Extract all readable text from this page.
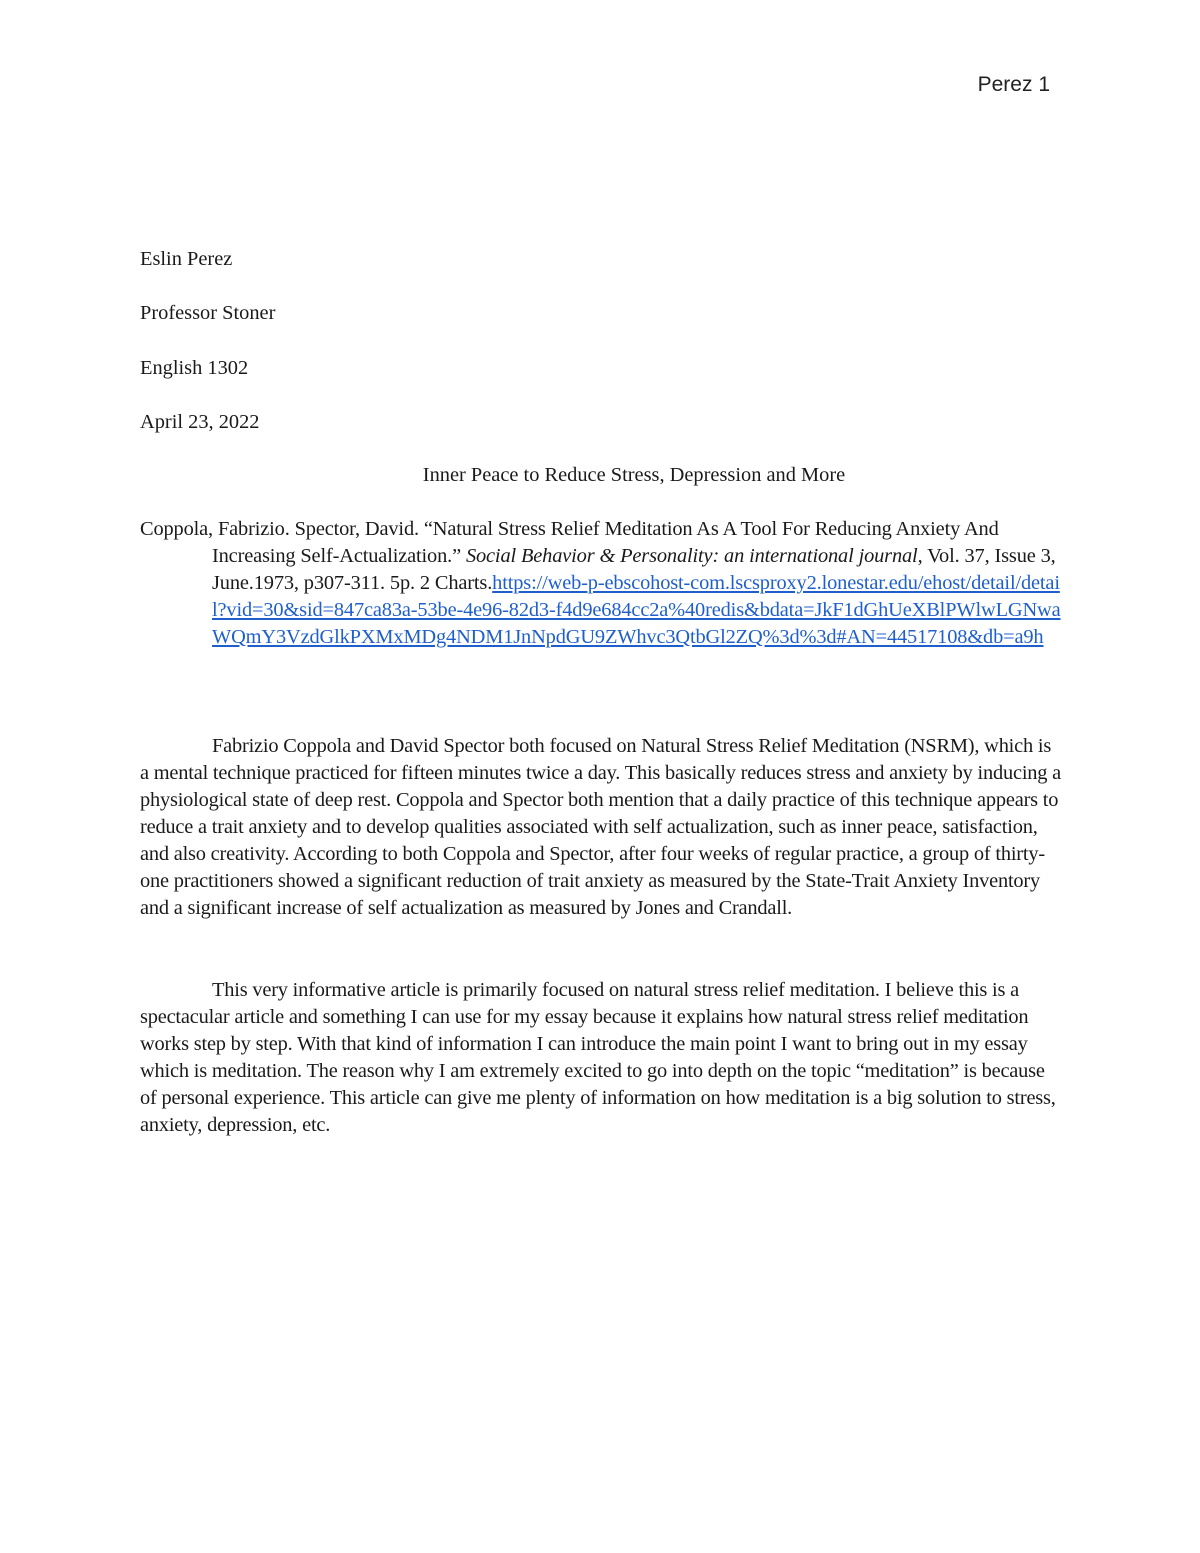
Perez 1
Eslin Perez
Professor Stoner
English 1302
April 23, 2022
Inner Peace to Reduce Stress, Depression and More
Coppola, Fabrizio. Spector, David. “Natural Stress Relief Meditation As A Tool For Reducing Anxiety And Increasing Self-Actualization.” Social Behavior & Personality: an international journal, Vol. 37, Issue 3, June.1973, p307-311. 5p. 2 Charts.https://web-p-ebscohost-com.lscsproxy2.lonestar.edu/ehost/detail/detail?vid=30&sid=847ca83a-53be-4e96-82d3-f4d9e684cc2a%40redis&bdata=JkF1dGhUeXBlPWlwLGNwaWQmY3VzdGlkPXMxMDg4NDM1JnNpdGU9ZWhvc3QtbGl2ZQ%3d%3d#AN=44517108&db=a9h
Fabrizio Coppola and David Spector both focused on Natural Stress Relief Meditation (NSRM), which is a mental technique practiced for fifteen minutes twice a day. This basically reduces stress and anxiety by inducing a physiological state of deep rest. Coppola and Spector both mention that a daily practice of this technique appears to reduce a trait anxiety and to develop qualities associated with self actualization, such as inner peace, satisfaction, and also creativity. According to both Coppola and Spector, after four weeks of regular practice, a group of thirty-one practitioners showed a significant reduction of trait anxiety as measured by the State-Trait Anxiety Inventory and a significant increase of self actualization as measured by Jones and Crandall.
This very informative article is primarily focused on natural stress relief meditation. I believe this is a spectacular article and something I can use for my essay because it explains how natural stress relief meditation works step by step. With that kind of information I can introduce the main point I want to bring out in my essay which is meditation. The reason why I am extremely excited to go into depth on the topic “meditation” is because of personal experience. This article can give me plenty of information on how meditation is a big solution to stress, anxiety, depression, etc.
